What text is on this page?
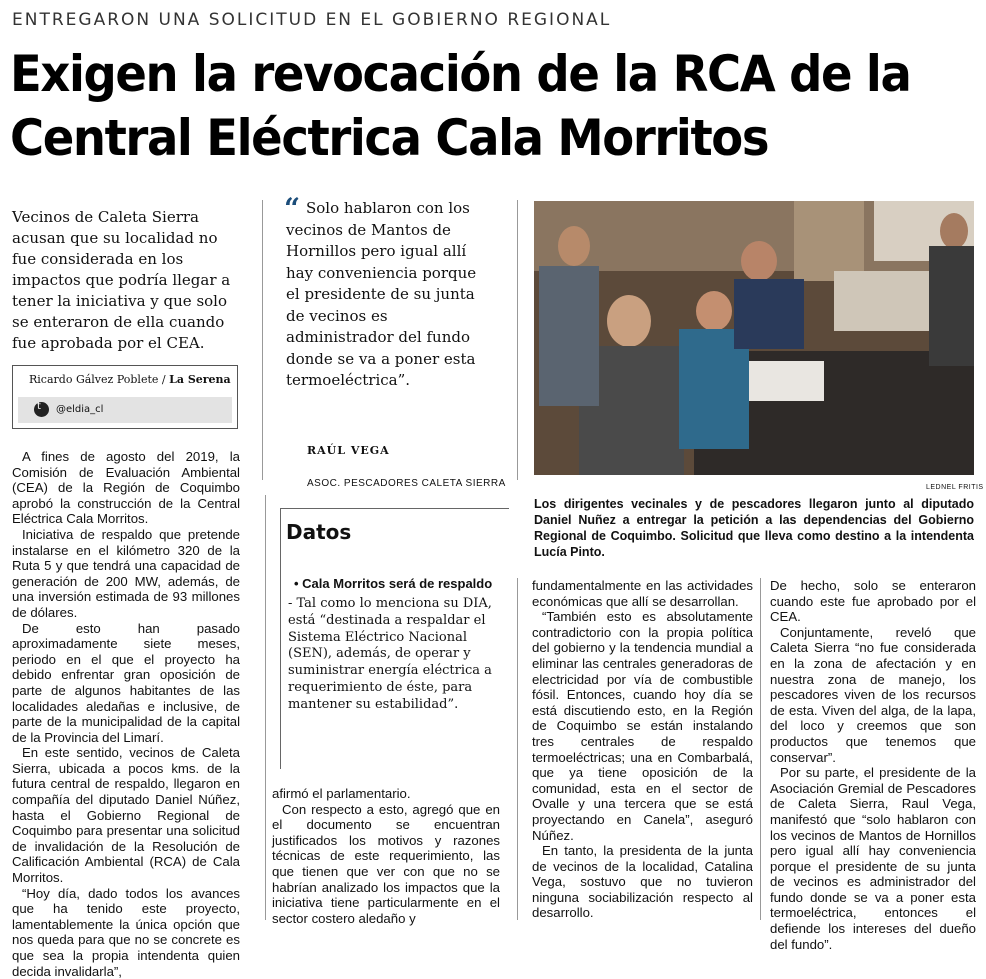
ENTREGARON UNA SOLICITUD EN EL GOBIERNO REGIONAL
Exigen la revocación de la RCA de la
Central Eléctrica Cala Morritos
Vecinos de Caleta Sierra acusan que su localidad no fue considerada en los impactos que podría llegar a tener la iniciativa y que solo se enteraron de ella cuando fue aprobada por el CEA.
Ricardo Gálvez Poblete / La Serena
t @eldia_cl
“ Solo hablaron con los vecinos de Mantos de Hornillos pero igual allí hay conveniencia porque el presidente de su junta de vecinos es administrador del fundo donde se va a poner esta termoeléctrica”.
RAÚL VEGA
ASOC. PESCADORES CALETA SIERRA	LEDNEL FRITIS
Los dirigentes vecinales y de pescadores llegaron junto al diputado Daniel Nuñez a entregar la petición a las dependencias del Gobierno Regional de Coquimbo. Solicitud que lleva como destino a la intendenta Lucía Pinto.
Datos
• Cala Morritos será de respaldo
- Tal como lo menciona su DIA, está “destinada a respaldar el Sistema Eléctrico Nacional (SEN), además, de operar y suministrar energía eléctrica a requerimiento de éste, para mantener su estabilidad”.

A fines de agosto del 2019, la Comisión de Evaluación Ambiental (CEA) de la Región de Coquimbo aprobó la construcción de la Central Eléctrica Cala Morritos.

Iniciativa de respaldo que pretende instalarse en el kilómetro 320 de la Ruta 5 y que tendrá una capacidad de generación de 200 MW, además, de una inversión estimada de 93 millones de dólares.

De esto han pasado aproximadamente siete meses, periodo en el que el proyecto ha debido enfrentar gran oposición de parte de algunos habitantes de las localidades aledañas e inclusive, de parte de la municipalidad de la capital de la Provincia del Limarí.

En este sentido, vecinos de Caleta Sierra, ubicada a pocos kms. de la futura central de respaldo, llegaron en compañía del diputado Daniel Núñez, hasta el Gobierno Regional de Coquimbo para presentar una solicitud de invalidación de la Resolución de Calificación Ambiental (RCA) de Cala Morritos.

“Hoy día, dado todos los avances que ha tenido este proyecto, lamentablemente la única opción que nos queda para que no se concrete es que sea la propia intendenta quien decida invalidarla”,

afirmó el parlamentario.

Con respecto a esto, agregó que en el documento se encuentran justificados los motivos y razones técnicas de este requerimiento, las que tienen que ver con que no se habrían analizado los impactos que la iniciativa tiene particularmente en el sector costero aledaño y

fundamentalmente en las actividades económicas que allí se desarrollan.

“También esto es absolutamente contradictorio con la propia política del gobierno y la tendencia mundial a eliminar las centrales generadoras de electricidad por vía de combustible fósil. Entonces, cuando hoy día se está discutiendo esto, en la Región de Coquimbo se están instalando tres centrales de respaldo termoeléctricas; una en Combarbalá, que ya tiene oposición de la comunidad, esta en el sector de Ovalle y una tercera que se está proyectando en Canela”, aseguró Núñez.

En tanto, la presidenta de la junta de vecinos de la localidad, Catalina Vega, sostuvo que no tuvieron ninguna sociabilización respecto al desarrollo.

De hecho, solo se enteraron cuando este fue aprobado por el CEA.

Conjuntamente, reveló que Caleta Sierra “no fue considerada en la zona de afectación y en nuestra zona de manejo, los pescadores viven de los recursos de esta. Viven del alga, de la lapa, del loco y creemos que son productos que tenemos que conservar”.

Por su parte, el presidente de la Asociación Gremial de Pescadores de Caleta Sierra, Raul Vega, manifestó que “solo hablaron con los vecinos de Mantos de Hornillos pero igual allí hay conveniencia porque el presidente de su junta de vecinos es administrador del fundo donde se va a poner esta termoeléctrica, entonces el defiende los intereses del dueño del fundo”.
